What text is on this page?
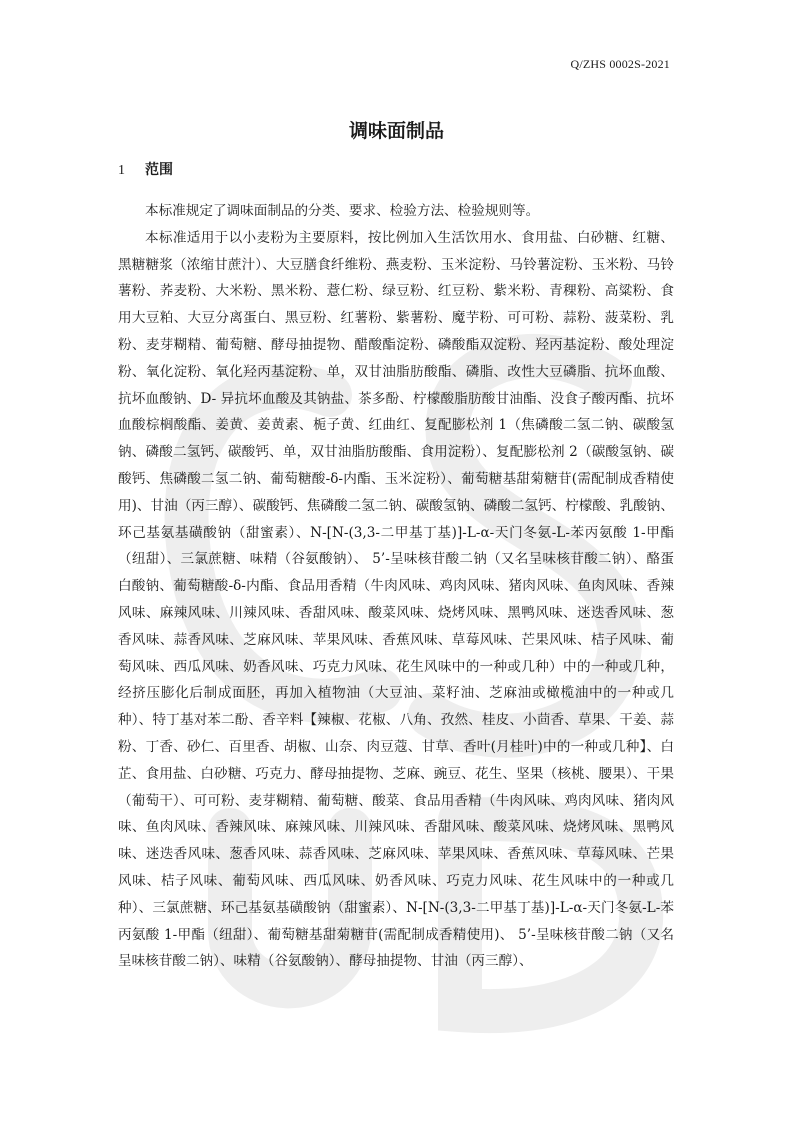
Q/ZHS 0002S-2021
调味面制品
1 范围

本标准规定了调味面制品的分类、要求、检验方法、检验规则等。

本标准适用于以小麦粉为主要原料，按比例加入生活饮用水、食用盐、白砂糖、红糖、黑糖糖浆（浓缩甘蔗汁）、大豆膳食纤维粉、燕麦粉、玉米淀粉、马铃薯淀粉、玉米粉、马铃薯粉、荞麦粉、大米粉、黑米粉、薏仁粉、绿豆粉、红豆粉、紫米粉、青稞粉、高粱粉、食用大豆粕、大豆分离蛋白、黑豆粉、红薯粉、紫薯粉、魔芋粉、可可粉、蒜粉、菠菜粉、乳粉、麦芽糊精、葡萄糖、酵母抽提物、醋酸酯淀粉、磷酸酯双淀粉、羟丙基淀粉、酸处理淀粉、氧化淀粉、氧化羟丙基淀粉、单，双甘油脂肪酸酯、磷脂、改性大豆磷脂、抗坏血酸、抗坏血酸钠、D- 异抗坏血酸及其钠盐、茶多酚、柠檬酸脂肪酸甘油酯、没食子酸丙酯、抗坏血酸棕榈酸酯、姜黄、姜黄素、栀子黄、红曲红、复配膨松剂 1（焦磷酸二氢二钠、碳酸氢钠、磷酸二氢钙、碳酸钙、单，双甘油脂肪酸酯、食用淀粉）、复配膨松剂 2（碳酸氢钠、碳酸钙、焦磷酸二氢二钠、葡萄糖酸-δ-内酯、玉米淀粉）、葡萄糖基甜菊糖苷(需配制成香精使用)、甘油（丙三醇）、碳酸钙、焦磷酸二氢二钠、碳酸氢钠、磷酸二氢钙、柠檬酸、乳酸钠、环己基氨基磺酸钠（甜蜜素）、N-[N-(3,3-二甲基丁基)]-L-α-天门冬氨-L-苯丙氨酸 1-甲酯（纽甜）、三氯蔗糖、味精（谷氨酸钠）、 5’-呈味核苷酸二钠（又名呈味核苷酸二钠）、酪蛋白酸钠、葡萄糖酸-δ-内酯、食品用香精（牛肉风味、鸡肉风味、猪肉风味、鱼肉风味、香辣风味、麻辣风味、川辣风味、香甜风味、酸菜风味、烧烤风味、黑鸭风味、迷迭香风味、葱香风味、蒜香风味、芝麻风味、苹果风味、香蕉风味、草莓风味、芒果风味、桔子风味、葡萄风味、西瓜风味、奶香风味、巧克力风味、花生风味中的一种或几种）中的一种或几种，经挤压膨化后制成面胚，再加入植物油（大豆油、菜籽油、芝麻油或橄榄油中的一种或几种）、特丁基对苯二酚、香辛料【辣椒、花椒、八角、孜然、桂皮、小茴香、草果、干姜、蒜粉、丁香、砂仁、百里香、胡椒、山奈、肉豆蔻、甘草、香叶(月桂叶)中的一种或几种】、白芷、食用盐、白砂糖、巧克力、酵母抽提物、芝麻、豌豆、花生、坚果（核桃、腰果）、干果（葡萄干）、可可粉、麦芽糊精、葡萄糖、酸菜、食品用香精（牛肉风味、鸡肉风味、猪肉风味、鱼肉风味、香辣风味、麻辣风味、川辣风味、香甜风味、酸菜风味、烧烤风味、黑鸭风味、迷迭香风味、葱香风味、蒜香风味、芝麻风味、苹果风味、香蕉风味、草莓风味、芒果风味、桔子风味、葡萄风味、西瓜风味、奶香风味、巧克力风味、花生风味中的一种或几种）、三氯蔗糖、环己基氨基磺酸钠（甜蜜素）、N-[N-(3,3-二甲基丁基)]-L-α-天门冬氨-L-苯丙氨酸 1-甲酯（纽甜）、葡萄糖基甜菊糖苷(需配制成香精使用)、 5’-呈味核苷酸二钠（又名呈味核苷酸二钠）、味精（谷氨酸钠）、酵母抽提物、甘油（丙三醇）、
